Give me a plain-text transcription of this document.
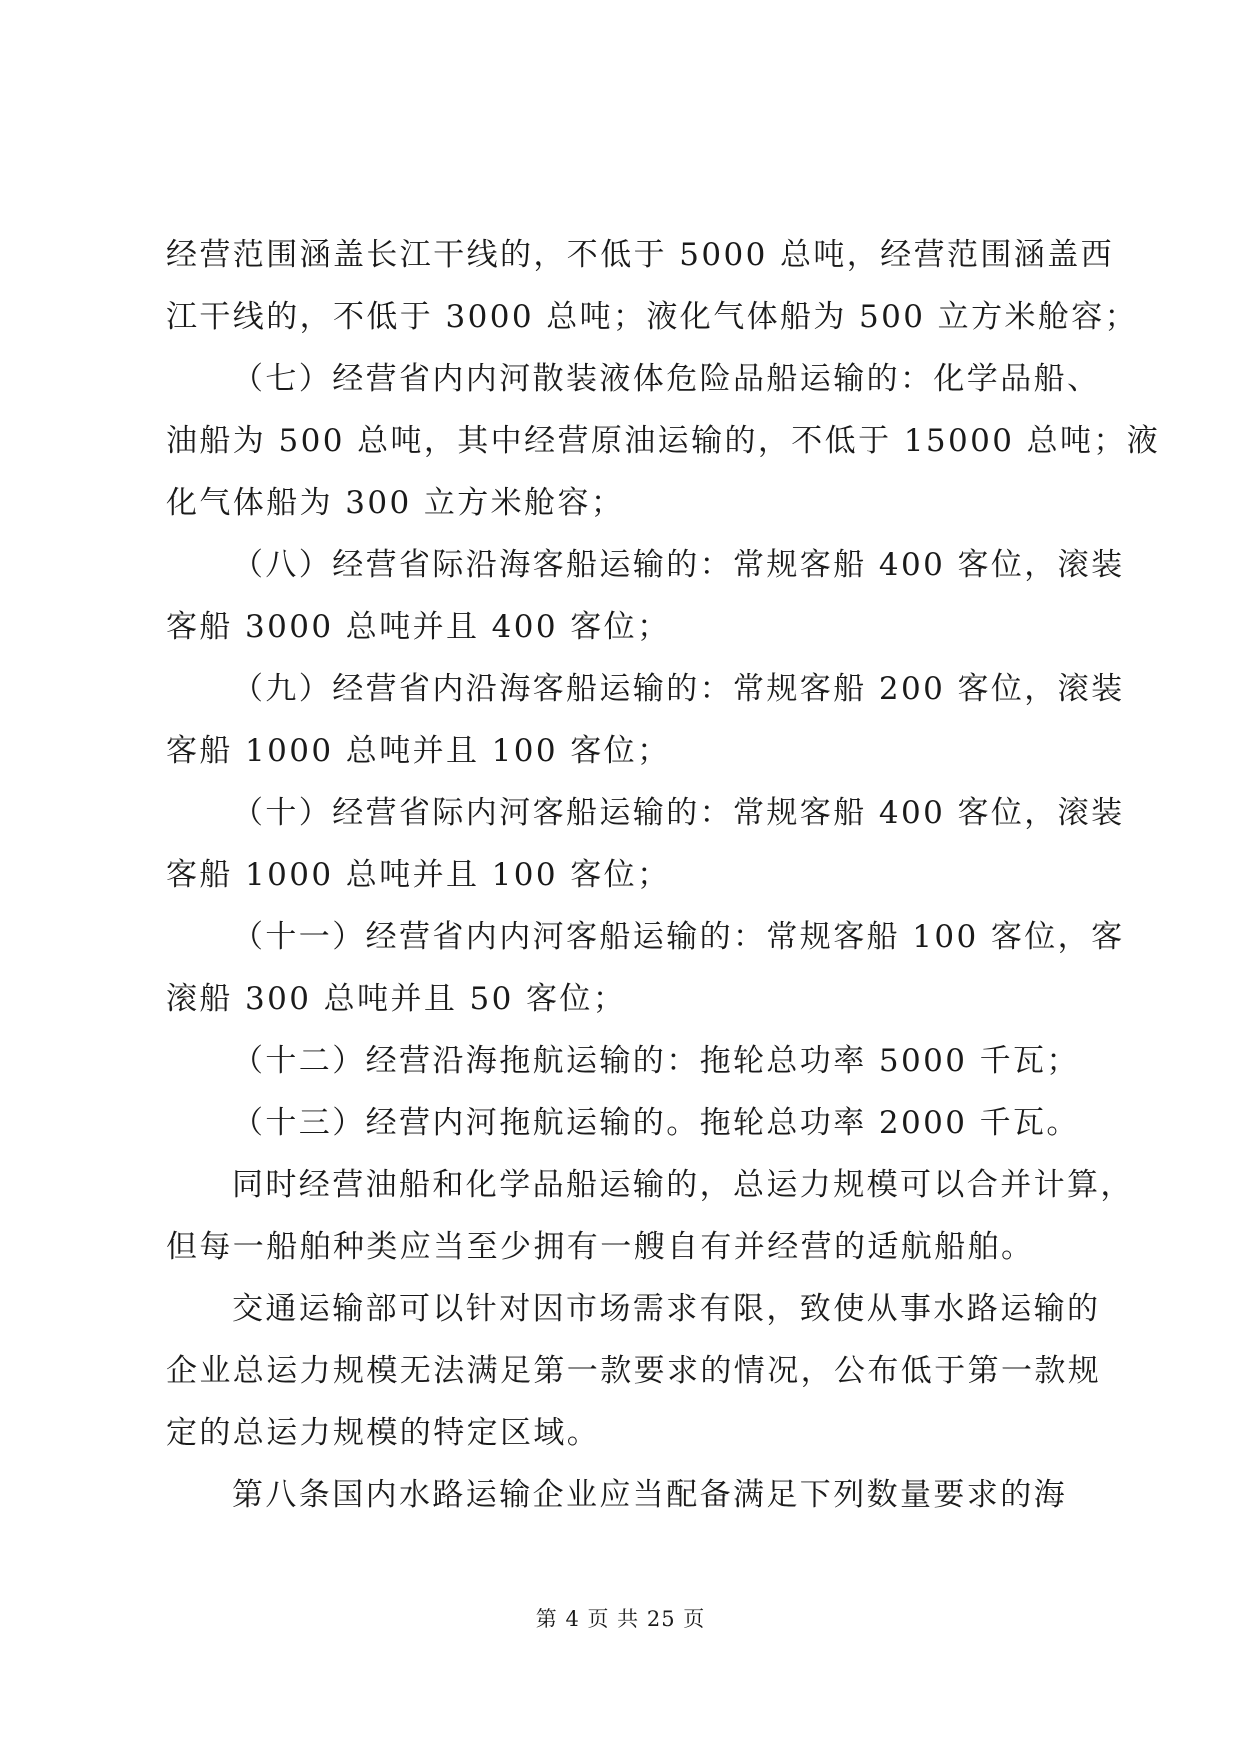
经营范围涵盖长江干线的，不低于 5000 总吨，经营范围涵盖西
江干线的，不低于 3000 总吨；液化气体船为 500 立方米舱容；
（七）经营省内内河散装液体危险品船运输的：化学品船、
油船为 500 总吨，其中经营原油运输的，不低于 15000 总吨；液
化气体船为 300 立方米舱容；
（八）经营省际沿海客船运输的：常规客船 400 客位，滚装
客船 3000 总吨并且 400 客位；
（九）经营省内沿海客船运输的：常规客船 200 客位，滚装
客船 1000 总吨并且 100 客位；
（十）经营省际内河客船运输的：常规客船 400 客位，滚装
客船 1000 总吨并且 100 客位；
（十一）经营省内内河客船运输的：常规客船 100 客位，客
滚船 300 总吨并且 50 客位；
（十二）经营沿海拖航运输的：拖轮总功率 5000 千瓦；
（十三）经营内河拖航运输的。拖轮总功率 2000 千瓦。
同时经营油船和化学品船运输的，总运力规模可以合并计算，
但每一船舶种类应当至少拥有一艘自有并经营的适航船舶。
交通运输部可以针对因市场需求有限，致使从事水路运输的
企业总运力规模无法满足第一款要求的情况，公布低于第一款规
定的总运力规模的特定区域。
第八条国内水路运输企业应当配备满足下列数量要求的海
第 4 页 共 25 页
